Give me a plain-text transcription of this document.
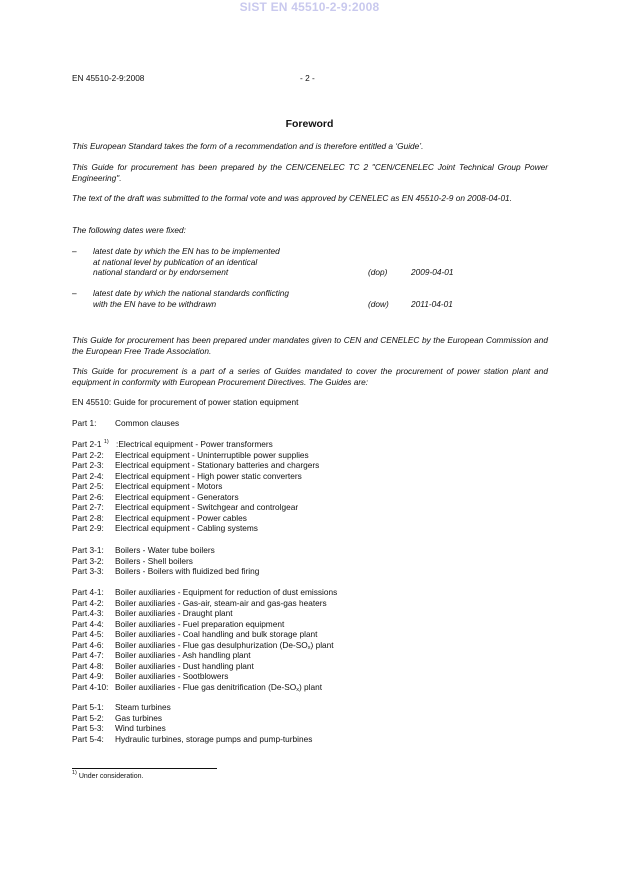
SIST EN 45510-2-9:2008
EN 45510-2-9:2008	- 2 -
Foreword
This European Standard takes the form of a recommendation and is therefore entitled a ‘Guide’.
This Guide for procurement has been prepared by the CEN/CENELEC TC 2 "CEN/CENELEC Joint Technical Group Power Engineering".
The text of the draft was submitted to the formal vote and was approved by CENELEC as EN 45510-2-9 on 2008-04-01.
The following dates were fixed:
– latest date by which the EN has to be implemented
at national level by publication of an identical
national standard or by endorsement	(dop)	2009-04-01
– latest date by which the national standards conflicting
with the EN have to be withdrawn	(dow)	2011-04-01
This Guide for procurement has been prepared under mandates given to CEN and CENELEC by the European Commission and the European Free Trade Association.
This Guide for procurement is a part of a series of Guides mandated to cover the procurement of power station plant and equipment in conformity with European Procurement Directives. The Guides are:
EN 45510: Guide for procurement of power station equipment
Part 1: Common clauses
Part 2-1 $^{1)}$ :Electrical equipment - Power transformers
Part 2-2: Electrical equipment - Uninterruptible power supplies
Part 2-3: Electrical equipment - Stationary batteries and chargers
Part 2-4: Electrical equipment - High power static converters
Part 2-5: Electrical equipment - Motors
Part 2-6: Electrical equipment - Generators
Part 2-7: Electrical equipment - Switchgear and controlgear
Part 2-8: Electrical equipment - Power cables
Part 2-9: Electrical equipment - Cabling systems
Part 3-1: Boilers - Water tube boilers
Part 3-2: Boilers - Shell boilers
Part 3-3: Boilers - Boilers with fluidized bed firing
Part 4-1: Boiler auxiliaries - Equipment for reduction of dust emissions
Part 4-2: Boiler auxiliaries - Gas-air, steam-air and gas-gas heaters
Part.4-3: Boiler auxiliaries - Draught plant
Part 4-4: Boiler auxiliaries - Fuel preparation equipment
Part 4-5: Boiler auxiliaries - Coal handling and bulk storage plant
Part 4-6: Boiler auxiliaries - Flue gas desulphurization $(De-SO_x)$ plant
Part 4-7: Boiler auxiliaries - Ash handling plant
Part 4-8: Boiler auxiliaries - Dust handling plant
Part 4-9: Boiler auxiliaries - Sootblowers
Part 4-10: Boiler auxiliaries - Flue gas denitrification $(De-SO_x)$ plant
Part 5-1: Steam turbines
Part 5-2: Gas turbines
Part 5-3: Wind turbines
Part 5-4: Hydraulic turbines, storage pumps and pump-turbines
$^{1)}$ Under consideration.
